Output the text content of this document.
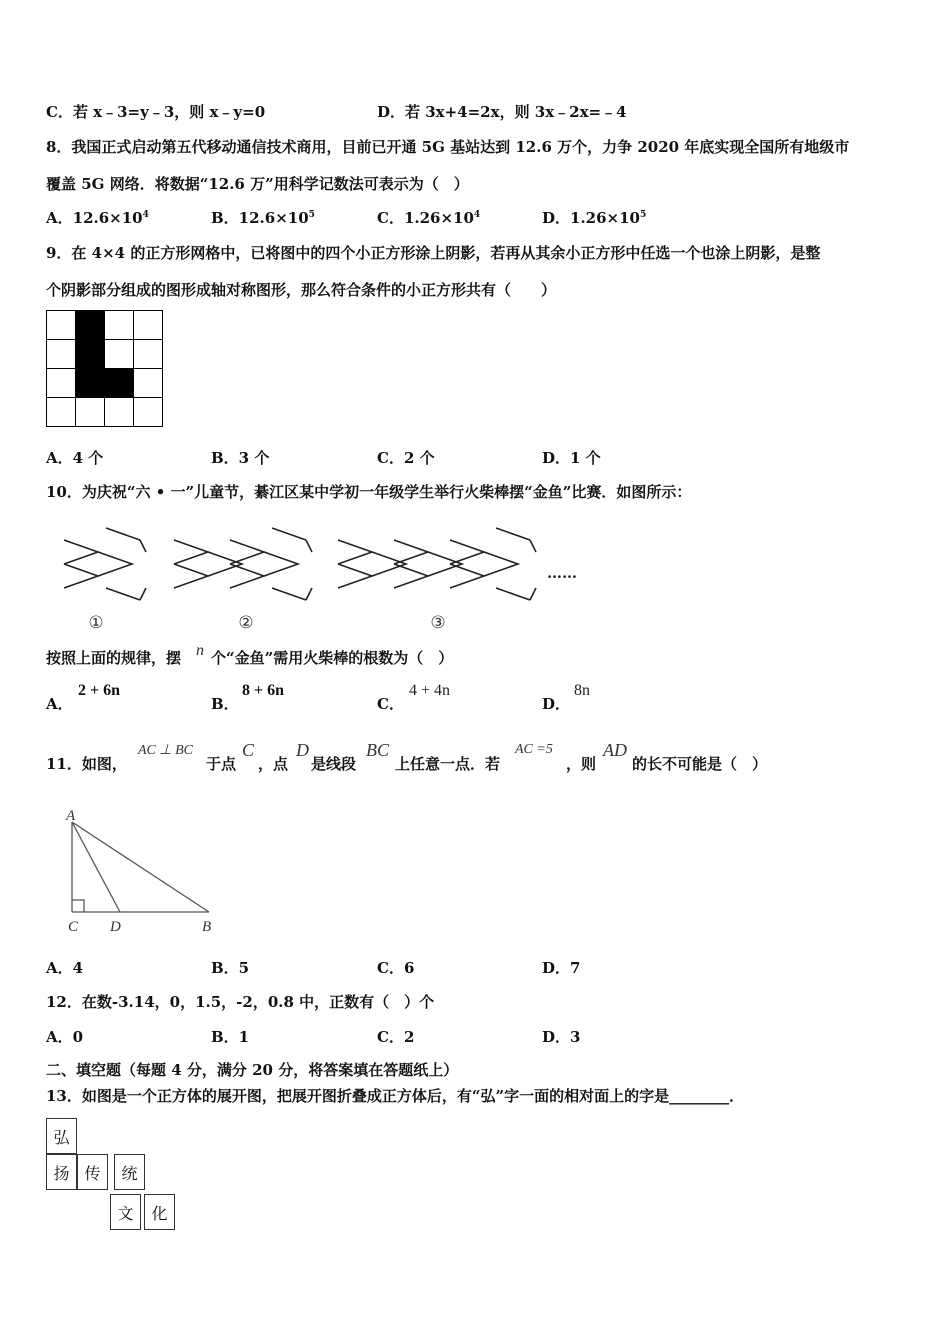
C．若 x﹣3=y﹣3，则 x﹣y=0	D．若 3x+4=2x，则 3x﹣2x=﹣4
8．我国正式启动第五代移动通信技术商用，目前已开通 5G 基站达到 12.6 万个，力争 2020 年底实现全国所有地级市
覆盖 5G 网络．将数据“12.6 万”用科学记数法可表示为（　）
A．$12.6\times 10^4$	B．$12.6\times 10^5$	C．$1.26\times 10^4$	D．$1.26\times 10^5$
9．在 4×4 的正方形网格中，已将图中的四个小正方形涂上阴影，若再从其余小正方形中任选一个也涂上阴影，是整
个阴影部分组成的图形成轴对称图形，那么符合条件的小正方形共有（　　）

A．4 个	B．3 个	C．2 个	D．1 个
10．为庆祝“六 • 一”儿童节，綦江区某中学初一年级学生举行火柴棒摆“金鱼”比赛．如图所示：
①	②	③
……
按照上面的规律，摆 n 个“金鱼”需用火柴棒的根数为（　）
A．
2 + 6n
B．
8 + 6n
C．
4 + 4n
D．
8n
11．如图，
AC ⊥ BC
于点
C
，点
D
是线段
BC
上任意一点．若
AC =5
，则
AD
的长不可能是（　）
A
C D	B
A．4	B．5	C．6	D．7
12．在数-3.14，0，1.5，-2，0.8 中，正数有（　）个
A．0	B．1	C．2	D．3
二、填空题（每题 4 分，满分 20 分，将答案填在答题纸上）
13．如图是一个正方体的展开图，把展开图折叠成正方体后，有“弘”字一面的相对面上的字是________．
弘
扬 传	统
文	化
